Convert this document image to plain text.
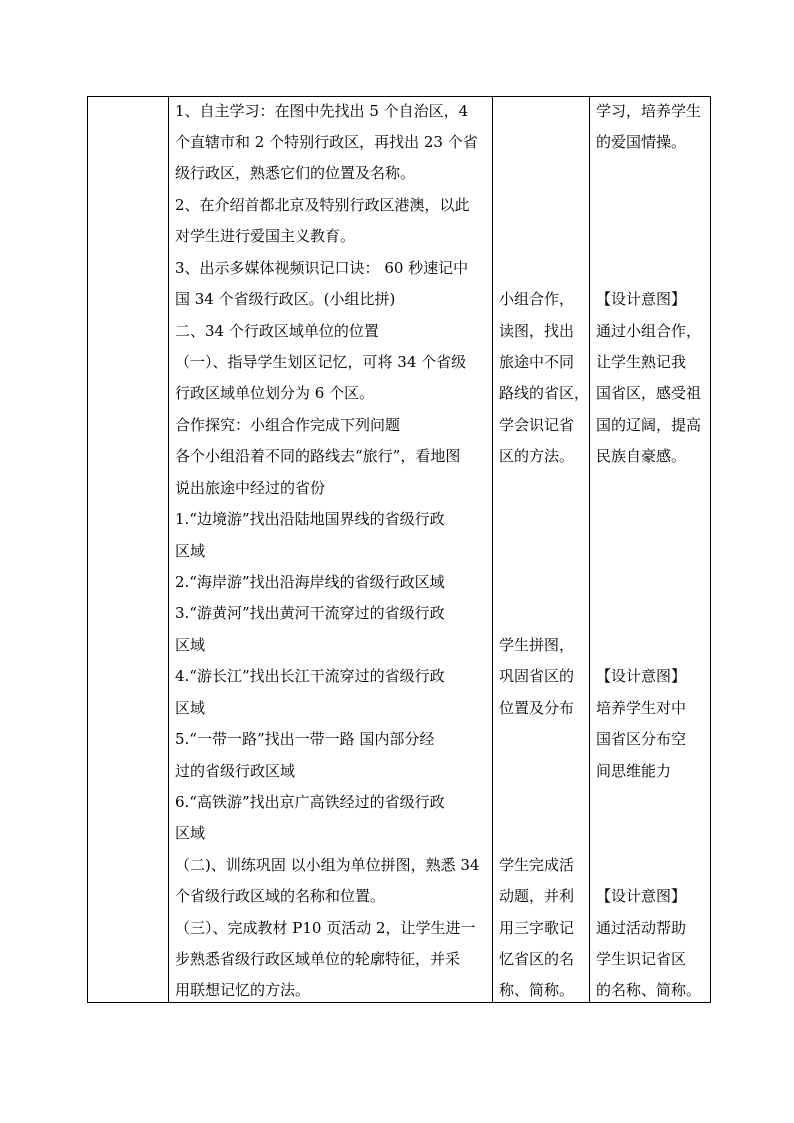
1、自主学习：在图中先找出 5 个自治区，4
个直辖市和 2 个特别行政区，再找出 23 个省
级行政区，熟悉它们的位置及名称。
2、在介绍首都北京及特别行政区港澳，以此
对学生进行爱国主义教育。
3、出示多媒体视频识记口诀： 60 秒速记中
国 34 个省级行政区。(小组比拼)
二、34 个行政区域单位的位置
（一）、指导学生划区记忆，可将 34 个省级
行政区域单位划分为 6 个区。
合作探究：小组合作完成下列问题
各个小组沿着不同的路线去“旅行”，看地图
说出旅途中经过的省份
1.“边境游”找出沿陆地国界线的省级行政
区域
2.“海岸游”找出沿海岸线的省级行政区域
3.“游黄河”找出黄河干流穿过的省级行政
区域
4.“游长江”找出长江干流穿过的省级行政
区域
5.“一带一路”找出一带一路 国内部分经
过的省级行政区域
6.“高铁游”找出京广高铁经过的省级行政
区域
（二)、训练巩固 以小组为单位拼图，熟悉 34
个省级行政区域的名称和位置。
（三）、完成教材 P10 页活动 2，让学生进一
步熟悉省级行政区域单位的轮廓特征，并采
用联想记忆的方法。

小组合作，
读图，找出
旅途中不同
路线的省区，
学会识记省
区的方法。
学生拼图，
巩固省区的
位置及分布
学生完成活
动题，并利
用三字歌记
忆省区的名
称、简称。

学习，培养学生
的爱国情操。
【设计意图】
通过小组合作，
让学生熟记我
国省区，感受祖
国的辽阔，提高
民族自豪感。
【设计意图】
培养学生对中
国省区分布空
间思维能力
【设计意图】
通过活动帮助
学生识记省区
的名称、简称。
